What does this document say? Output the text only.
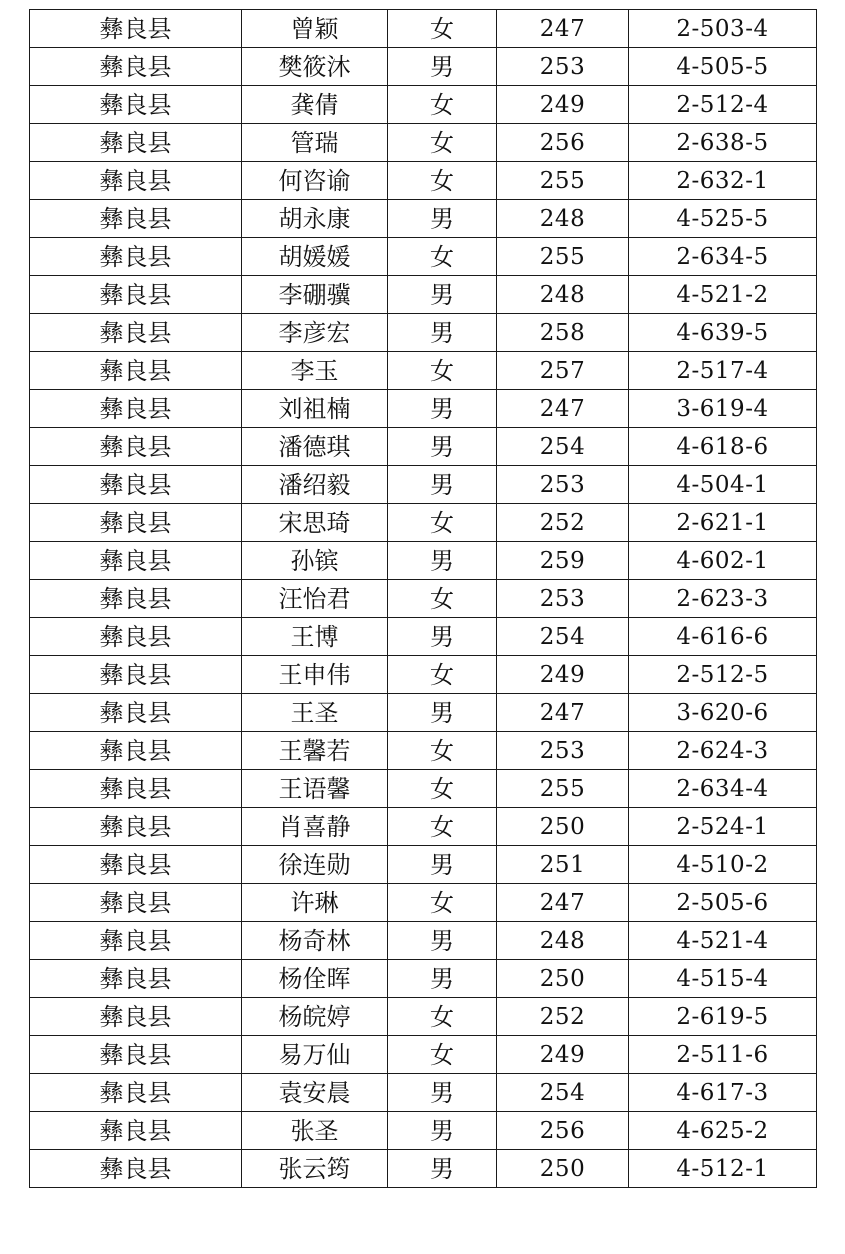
彝良县	曾颖	女	247	2-503-4
彝良县	樊筱沐	男	253	4-505-5
彝良县	龚倩	女	249	2-512-4
彝良县	管瑞	女	256	2-638-5
彝良县	何咨谕	女	255	2-632-1
彝良县	胡永康	男	248	4-525-5
彝良县	胡媛媛	女	255	2-634-5
彝良县	李硼骥	男	248	4-521-2
彝良县	李彦宏	男	258	4-639-5
彝良县	李玉	女	257	2-517-4
彝良县	刘祖楠	男	247	3-619-4
彝良县	潘德琪	男	254	4-618-6
彝良县	潘绍毅	男	253	4-504-1
彝良县	宋思琦	女	252	2-621-1
彝良县	孙镔	男	259	4-602-1
彝良县	汪怡君	女	253	2-623-3
彝良县	王博	男	254	4-616-6
彝良县	王申伟	女	249	2-512-5
彝良县	王圣	男	247	3-620-6
彝良县	王馨若	女	253	2-624-3
彝良县	王语馨	女	255	2-634-4
彝良县	肖喜静	女	250	2-524-1
彝良县	徐连勋	男	251	4-510-2
彝良县	许琳	女	247	2-505-6
彝良县	杨奇林	男	248	4-521-4
彝良县	杨佺晖	男	250	4-515-4
彝良县	杨皖婷	女	252	2-619-5
彝良县	易万仙	女	249	2-511-6
彝良县	袁安晨	男	254	4-617-3
彝良县	张圣	男	256	4-625-2
彝良县	张云筠	男	250	4-512-1
